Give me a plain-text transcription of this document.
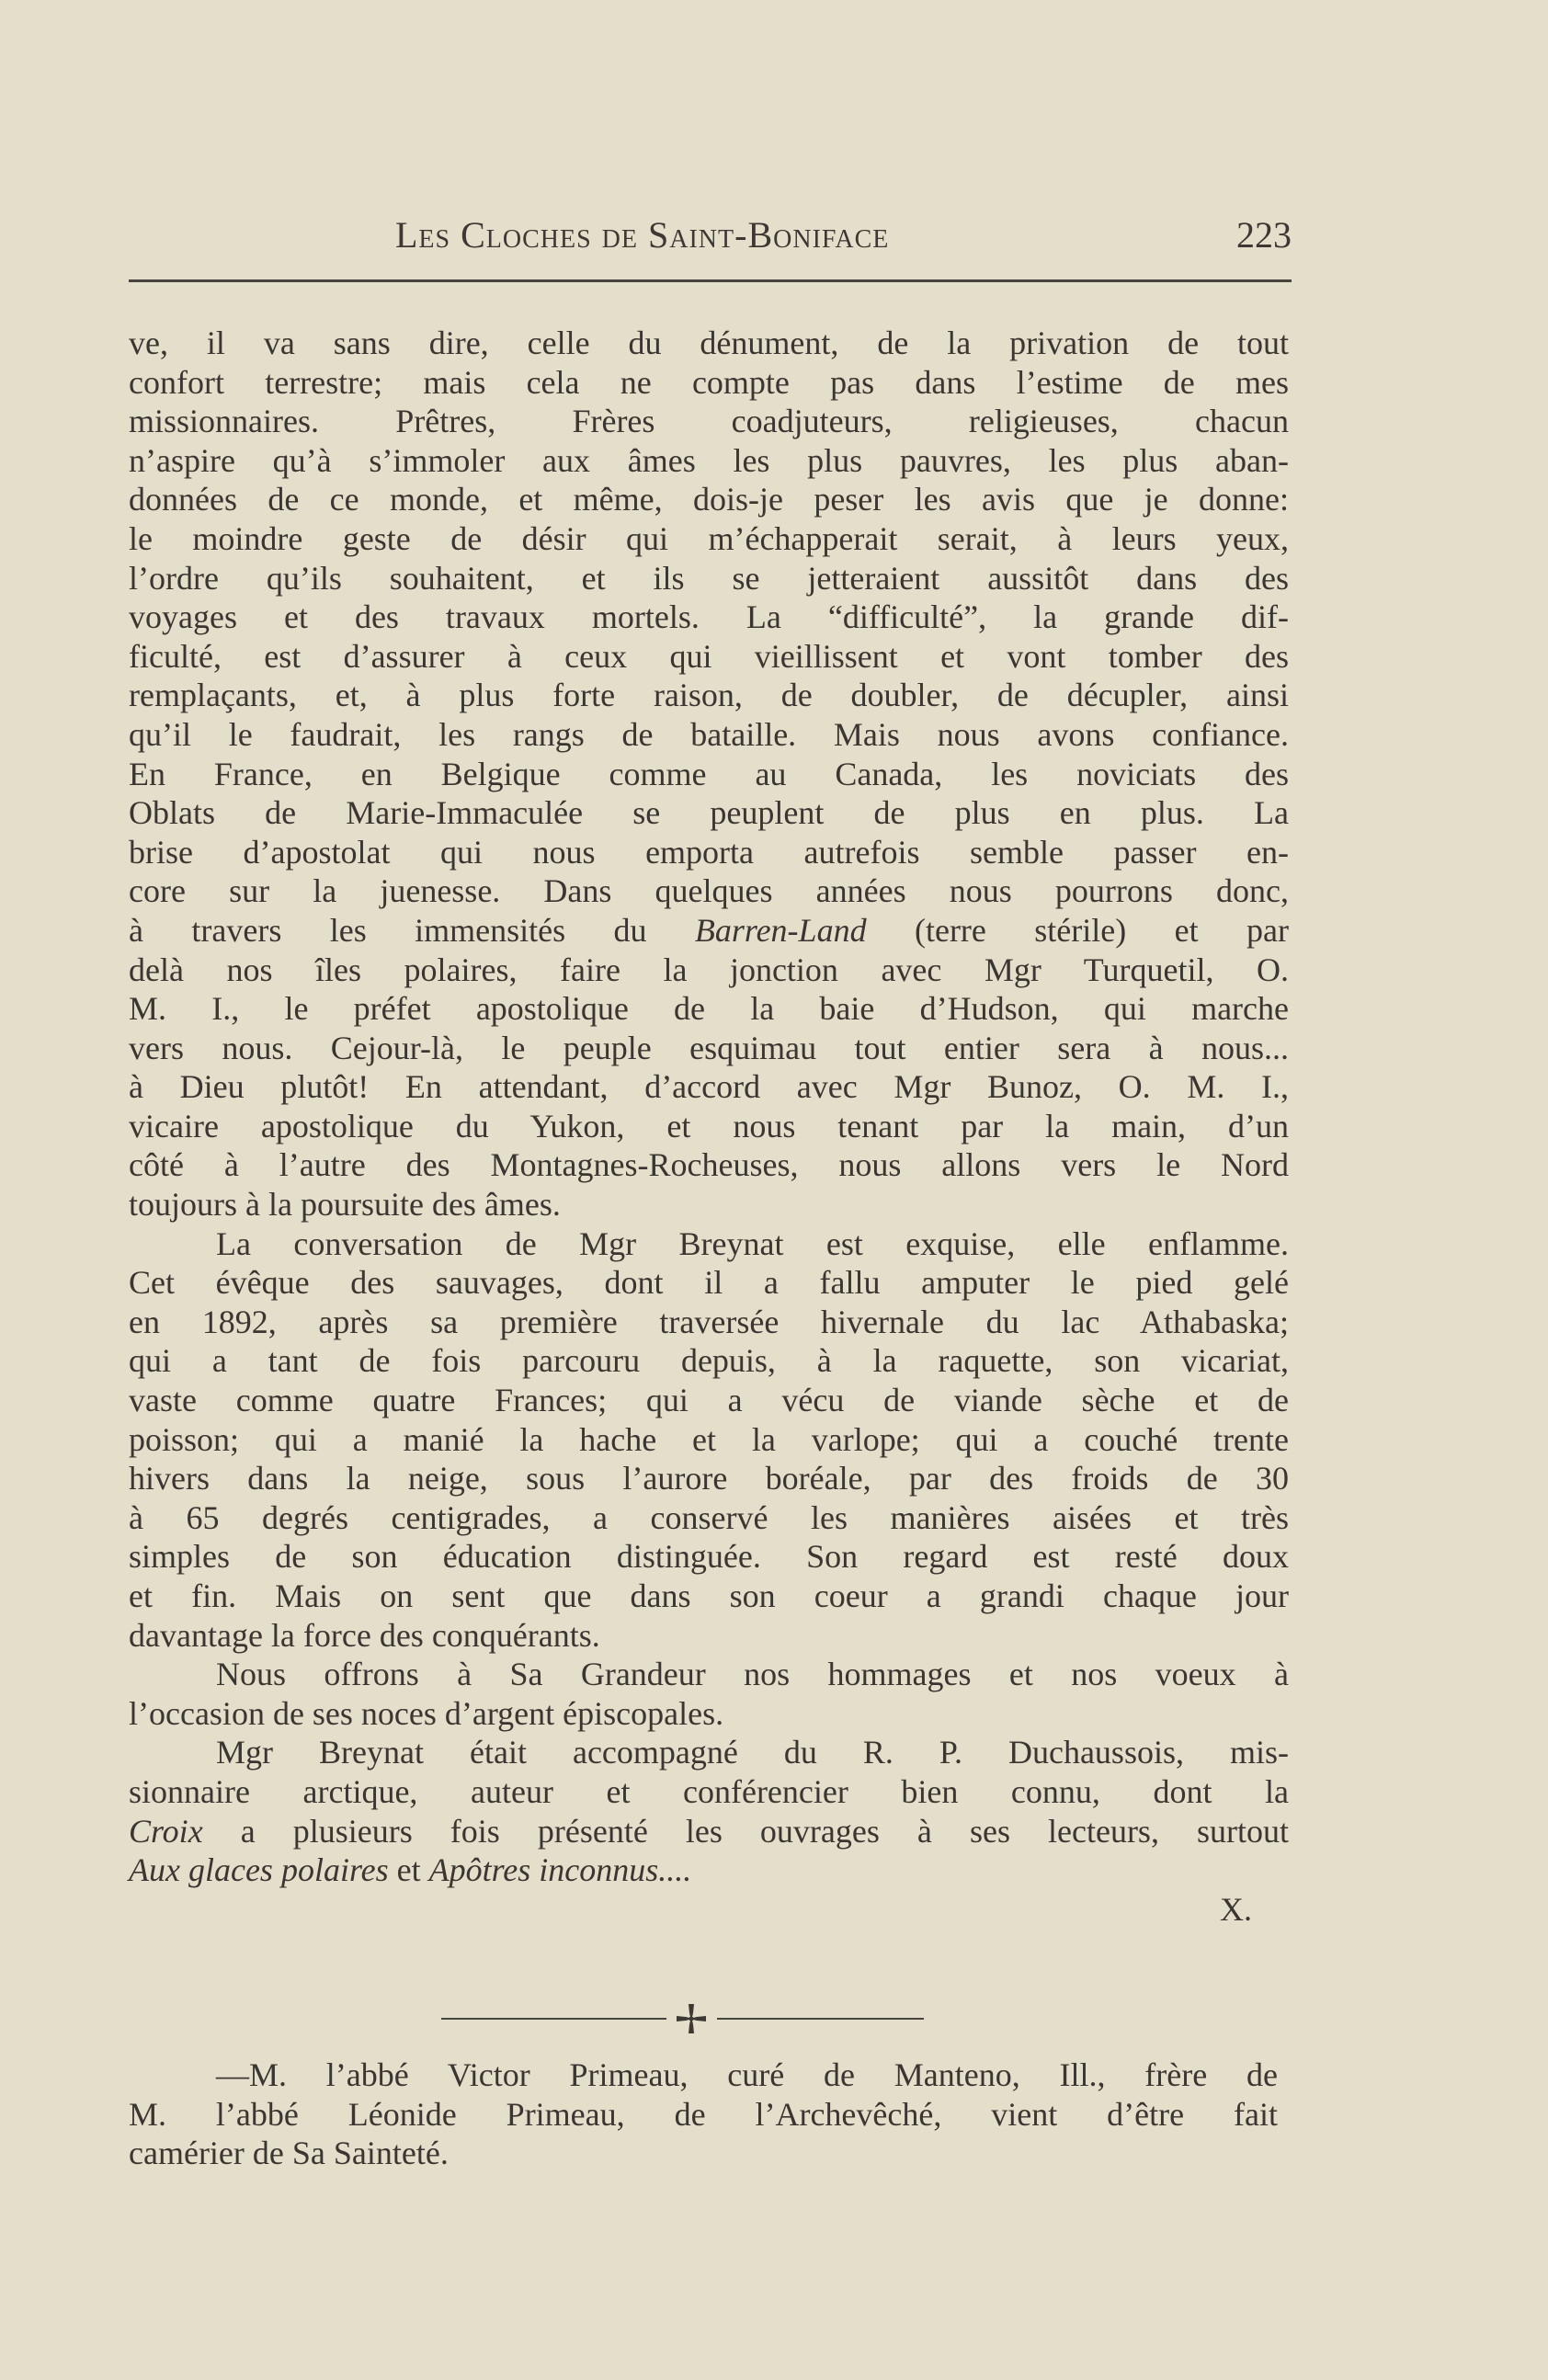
Les Cloches de Saint-Boniface	223
ve, il va sans dire, celle du dénument, de la privation de tout
confort terrestre; mais cela ne compte pas dans l’estime de mes
missionnaires. Prêtres, Frères coadjuteurs, religieuses, chacun
n’aspire qu’à s’immoler aux âmes les plus pauvres, les plus aban-
données de ce monde, et même, dois-je peser les avis que je donne:
le moindre geste de désir qui m’échapperait serait, à leurs yeux,
l’ordre qu’ils souhaitent, et ils se jetteraient aussitôt dans des
voyages et des travaux mortels. La “difficulté”, la grande dif-
ficulté, est d’assurer à ceux qui vieillissent et vont tomber des
remplaçants, et, à plus forte raison, de doubler, de décupler, ainsi
qu’il le faudrait, les rangs de bataille. Mais nous avons confiance.
En France, en Belgique comme au Canada, les noviciats des
Oblats de Marie-Immaculée se peuplent de plus en plus. La
brise d’apostolat qui nous emporta autrefois semble passer en-
core sur la juenesse. Dans quelques années nous pourrons donc,
à travers les immensités du Barren-Land (terre stérile) et par
delà nos îles polaires, faire la jonction avec Mgr Turquetil, O.
M. I., le préfet apostolique de la baie d’Hudson, qui marche
vers nous. Cejour-là, le peuple esquimau tout entier sera à nous...
à Dieu plutôt! En attendant, d’accord avec Mgr Bunoz, O. M. I.,
vicaire apostolique du Yukon, et nous tenant par la main, d’un
côté à l’autre des Montagnes-Rocheuses, nous allons vers le Nord
toujours à la poursuite des âmes.
La conversation de Mgr Breynat est exquise, elle enflamme.
Cet évêque des sauvages, dont il a fallu amputer le pied gelé
en 1892, après sa première traversée hivernale du lac Athabaska;
qui a tant de fois parcouru depuis, à la raquette, son vicariat,
vaste comme quatre Frances; qui a vécu de viande sèche et de
poisson; qui a manié la hache et la varlope; qui a couché trente
hivers dans la neige, sous l’aurore boréale, par des froids de 30
à 65 degrés centigrades, a conservé les manières aisées et très
simples de son éducation distinguée. Son regard est resté doux
et fin. Mais on sent que dans son coeur a grandi chaque jour
davantage la force des conquérants.
Nous offrons à Sa Grandeur nos hommages et nos voeux à
l’occasion de ses noces d’argent épiscopales.
Mgr Breynat était accompagné du R. P. Duchaussois, mis-
sionnaire arctique, auteur et conférencier bien connu, dont la
Croix a plusieurs fois présenté les ouvrages à ses lecteurs, surtout
Aux glaces polaires et Apôtres inconnus....
X.
—M. l’abbé Victor Primeau, curé de Manteno, Ill., frère de
M. l’abbé Léonide Primeau, de l’Archevêché, vient d’être fait
camérier de Sa Sainteté.
